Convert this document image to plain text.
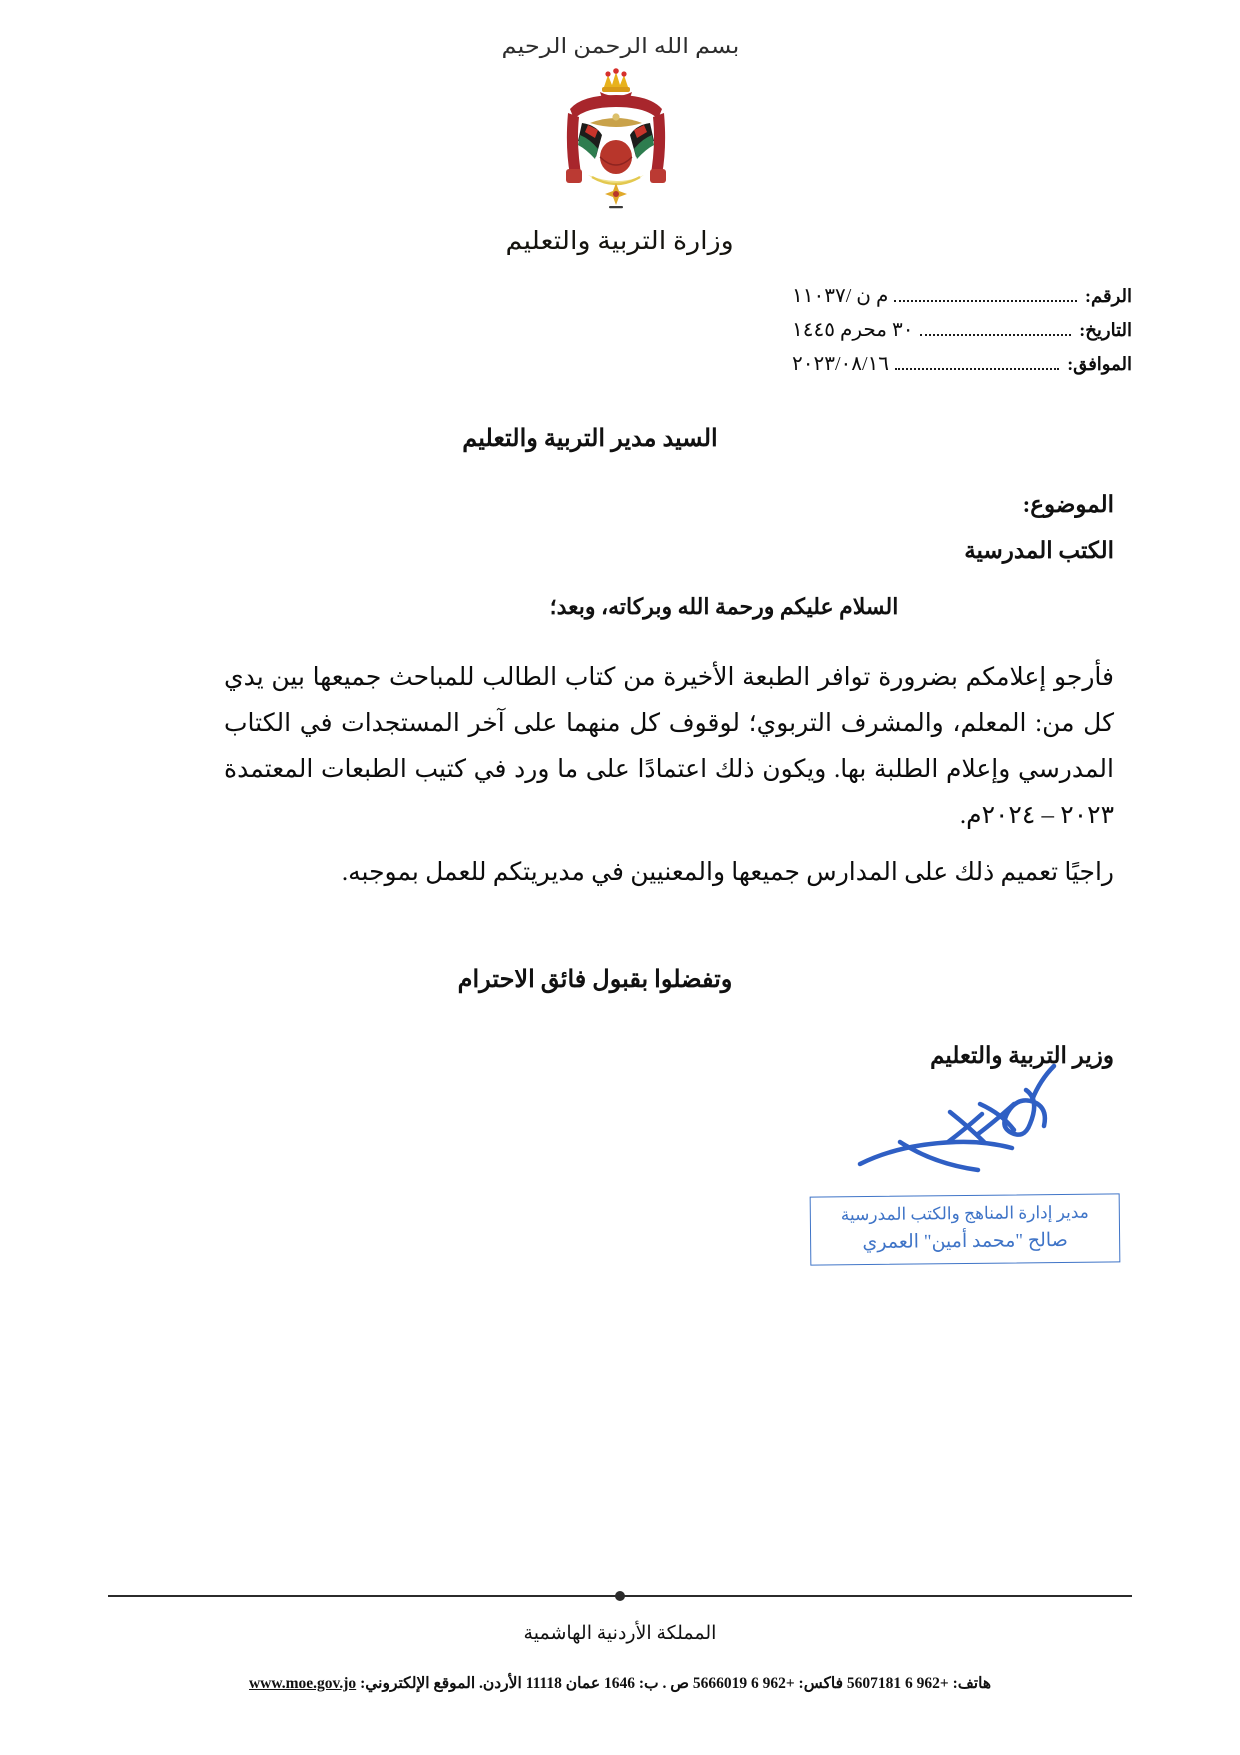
بسم الله الرحمن الرحيم
وزارة التربية والتعليم
الرقم:
م ن /١١٠٣٧
التاريخ:
٣٠ محرم ١٤٤٥
الموافق:
٢٠٢٣/٠٨/١٦
السيد مدير التربية والتعليم
الموضوع:
الكتب المدرسية
السلام عليكم ورحمة الله وبركاته، وبعد؛
فأرجو إعلامكم بضرورة توافر الطبعة الأخيرة من كتاب الطالب للمباحث جميعها بين يدي كل من: المعلم، والمشرف التربوي؛ لوقوف كل منهما على آخر المستجدات في الكتاب المدرسي وإعلام الطلبة بها. ويكون ذلك اعتمادًا على ما ورد في كتيب الطبعات المعتمدة ٢٠٢٣ – ٢٠٢٤م.
راجيًا تعميم ذلك على المدارس جميعها والمعنيين في مديريتكم للعمل بموجبه.
وتفضلوا بقبول فائق الاحترام
وزير التربية والتعليم
مدير إدارة المناهج والكتب المدرسية
صالح "محمد أمين" العمري
المملكة الأردنية الهاشمية
هاتف: 5607181 6 962+ فاكس: 5666019 6 962+ ص . ب: 1646 عمان 11118 الأردن. الموقع الإلكتروني: www.moe.gov.jo
